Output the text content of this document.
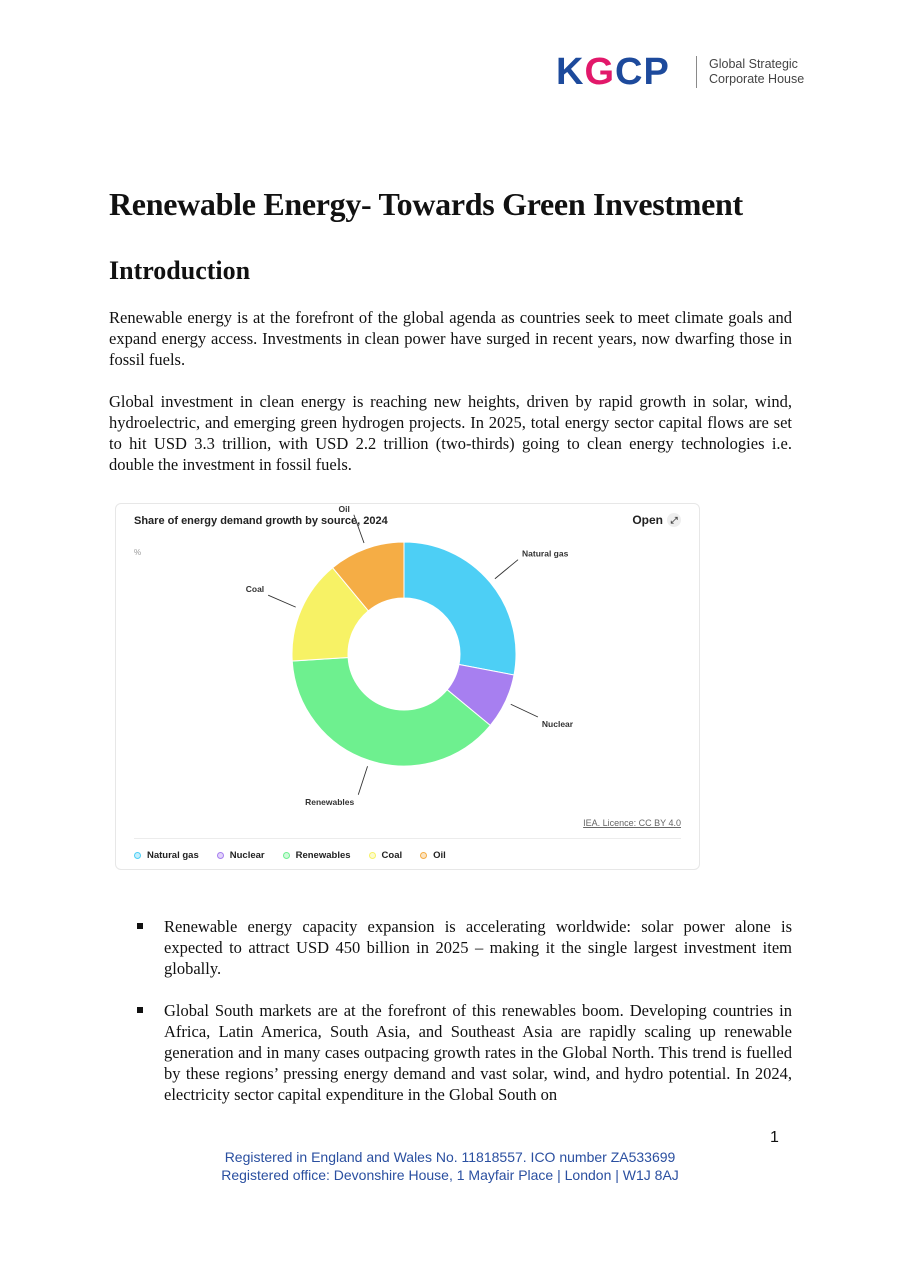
KGCP	Global Strategic
Corporate House
Renewable Energy- Towards Green Investment
Introduction

Renewable energy is at the forefront of the global agenda as countries seek to meet climate goals and expand energy access. Investments in clean power have surged in recent years, now dwarfing those in fossil fuels.

Global investment in clean energy is reaching new heights, driven by rapid growth in solar, wind, hydroelectric, and emerging green hydrogen projects. In 2025, total energy sector capital flows are set to hit USD 3.3 trillion, with USD 2.2 trillion (two-thirds) going to clean energy technologies i.e. double the investment in fossil fuels.

Share of energy demand growth by source, 2024	Open ⤢
%	Natural gas
Nuclear
Renewables
Coal
Oil
IEA. Licence: CC BY 4.0
Natural gas	Nuclear	Renewables	Coal	Oil
Renewable energy capacity expansion is accelerating worldwide: solar power alone is expected to attract USD 450 billion in 2025 – making it the single largest investment item globally.
Global South markets are at the forefront of this renewables boom. Developing countries in Africa, Latin America, South Asia, and Southeast Asia are rapidly scaling up renewable generation and in many cases outpacing growth rates in the Global North. This trend is fuelled by these regions’ pressing energy demand and vast solar, wind, and hydro potential. In 2024, electricity sector capital expenditure in the Global South on
1
Registered in England and Wales No. 11818557. ICO number ZA533699
Registered office: Devonshire House, 1 Mayfair Place | London | W1J 8AJ
